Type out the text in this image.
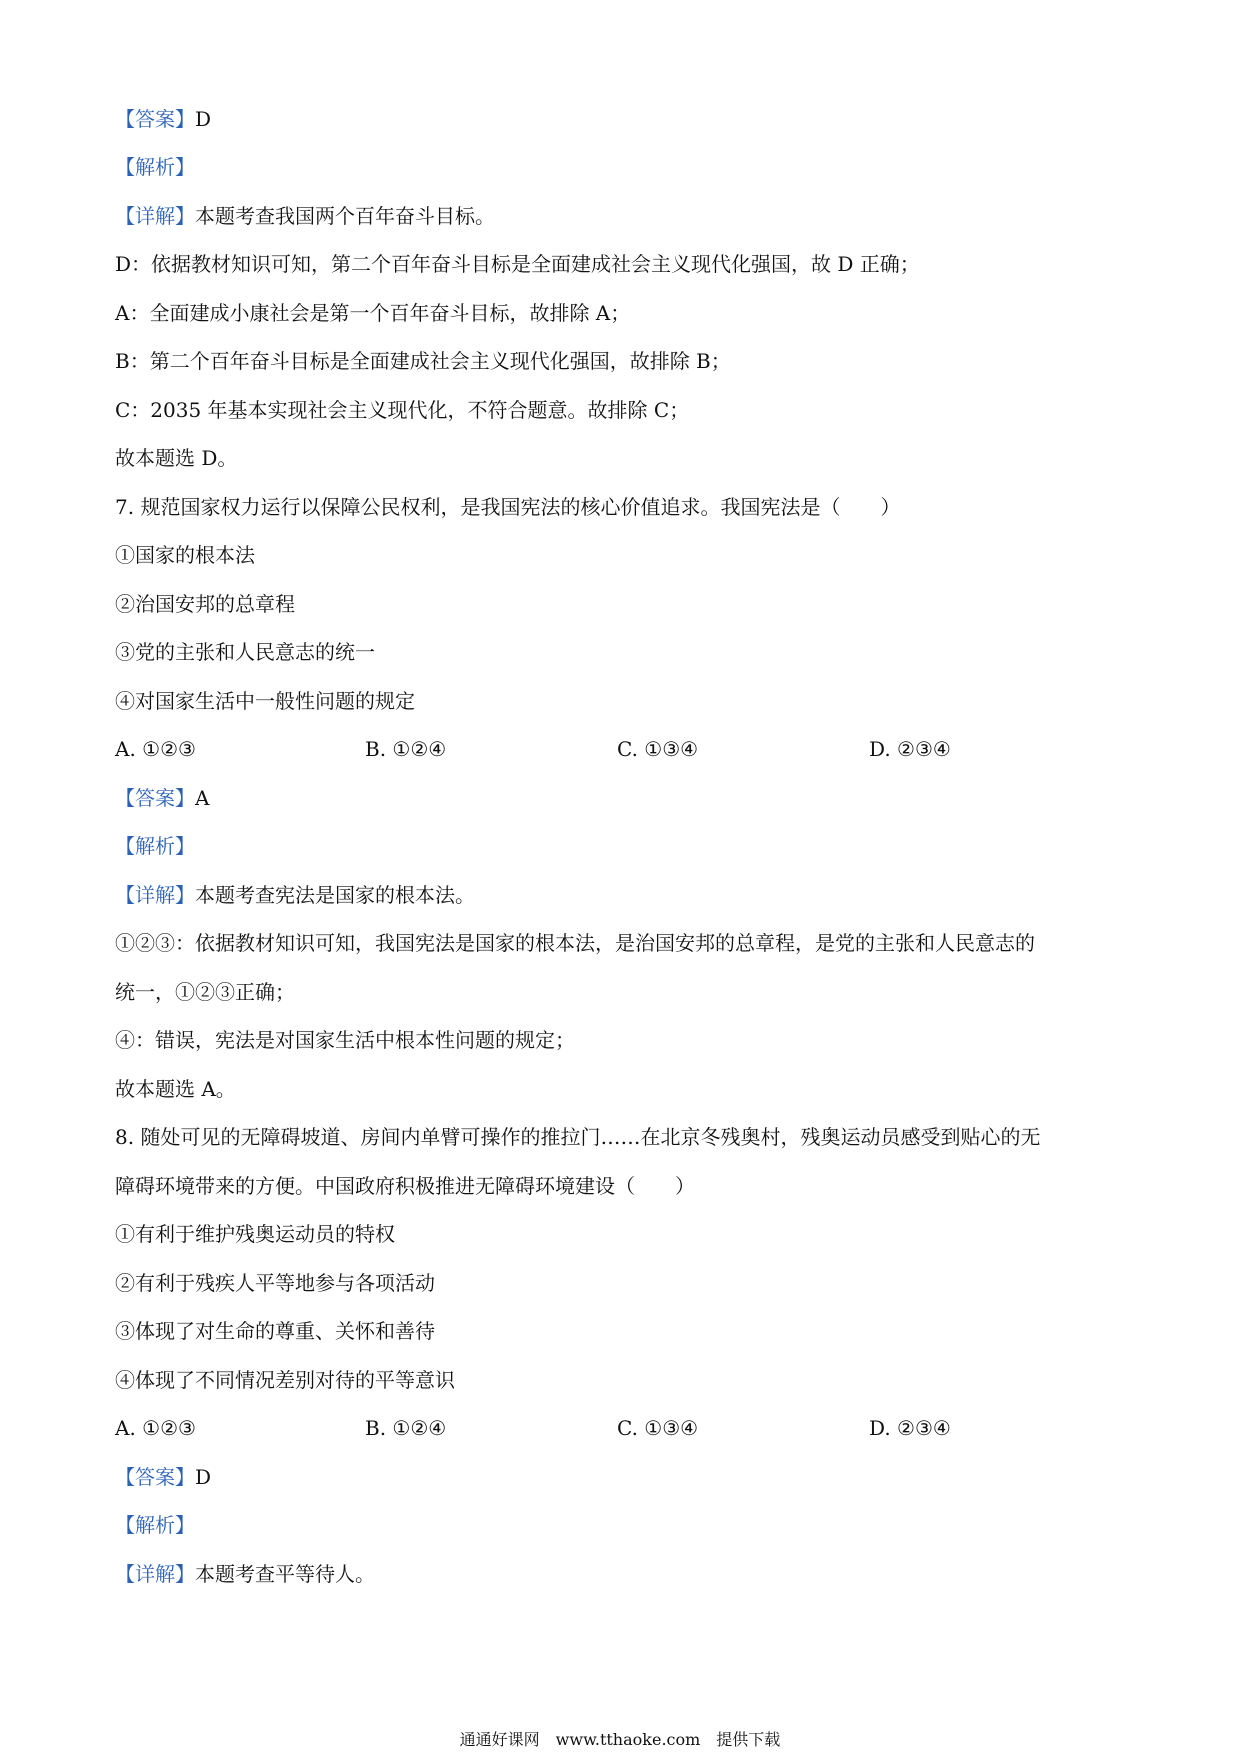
【答案】D
【解析】
【详解】本题考查我国两个百年奋斗目标。
D：依据教材知识可知，第二个百年奋斗目标是全面建成社会主义现代化强国，故 D 正确；
A：全面建成小康社会是第一个百年奋斗目标，故排除 A；
B：第二个百年奋斗目标是全面建成社会主义现代化强国，故排除 B；
C：2035 年基本实现社会主义现代化，不符合题意。故排除 C；
故本题选 D。
7. 规范国家权力运行以保障公民权利，是我国宪法的核心价值追求。我国宪法是（　　）
①国家的根本法
②治国安邦的总章程
③党的主张和人民意志的统一
④对国家生活中一般性问题的规定
A. ①②③	B. ①②④	C. ①③④	D. ②③④
【答案】A
【解析】
【详解】本题考查宪法是国家的根本法。
①②③：依据教材知识可知，我国宪法是国家的根本法，是治国安邦的总章程，是党的主张和人民意志的
统一，①②③正确；
④：错误，宪法是对国家生活中根本性问题的规定；
故本题选 A。
8. 随处可见的无障碍坡道、房间内单臂可操作的推拉门……在北京冬残奥村，残奥运动员感受到贴心的无
障碍环境带来的方便。中国政府积极推进无障碍环境建设（　　）
①有利于维护残奥运动员的特权
②有利于残疾人平等地参与各项活动
③体现了对生命的尊重、关怀和善待
④体现了不同情况差别对待的平等意识
A. ①②③	B. ①②④	C. ①③④	D. ②③④
【答案】D
【解析】
【详解】本题考查平等待人。
通通好课网　www.tthaoke.com　提供下载
